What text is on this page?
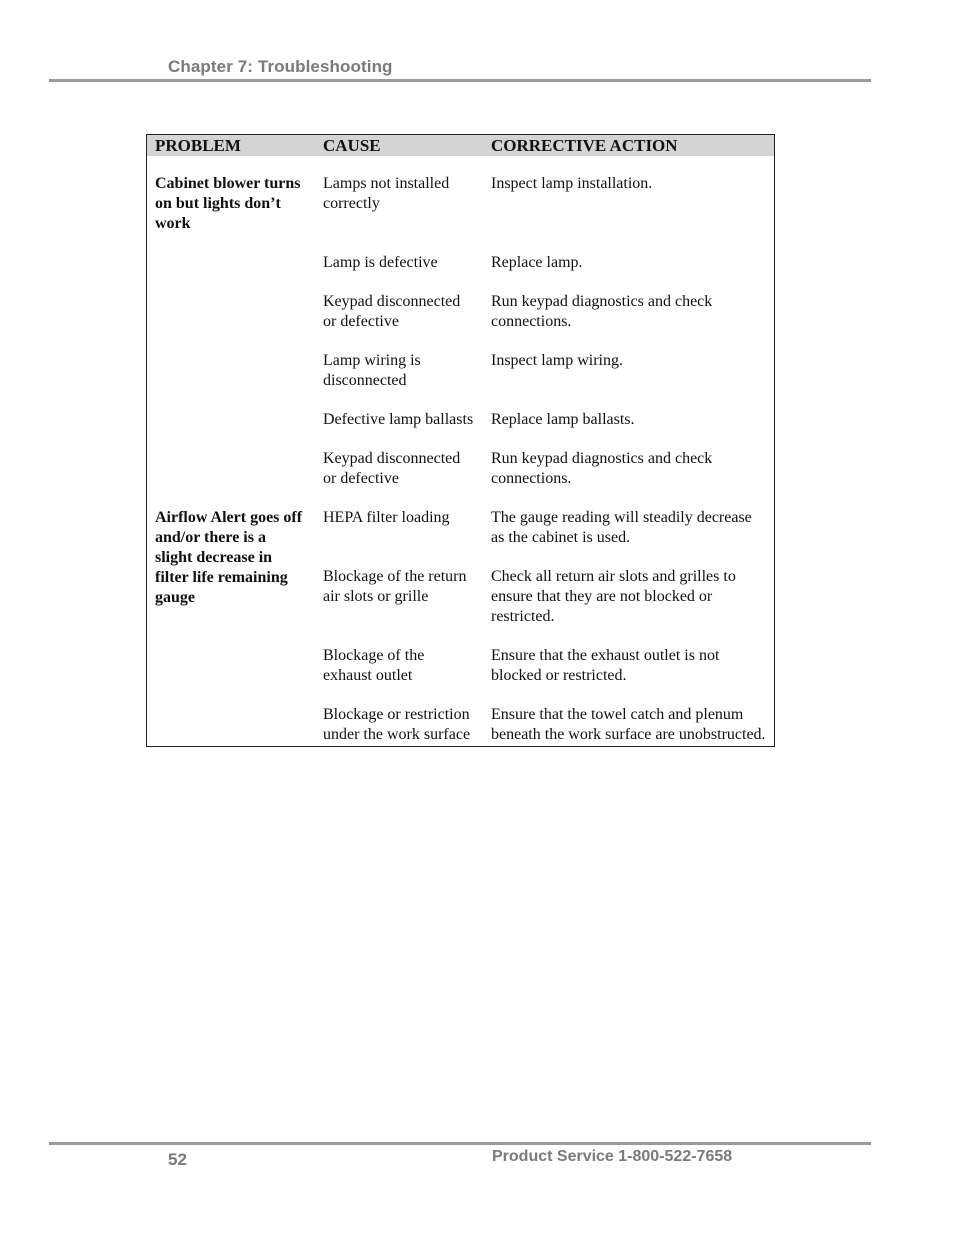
Chapter 7: Troubleshooting
PROBLEM	CAUSE	CORRECTIVE ACTION
Cabinet blower turns on but lights don’t work	Lamps not installed correctly	Inspect lamp installation.
	Lamp is defective	Replace lamp.
	Keypad disconnected or defective	Run keypad diagnostics and check connections.
	Lamp wiring is disconnected	Inspect lamp wiring.
	Defective lamp ballasts	Replace lamp ballasts.
	Keypad disconnected or defective	Run keypad diagnostics and check connections.
Airflow Alert goes off and/or there is a slight decrease in filter life remaining gauge	HEPA filter loading	The gauge reading will steadily decrease as the cabinet is used.
	Blockage of the return air slots or grille	Check all return air slots and grilles to ensure that they are not blocked or restricted.
	Blockage of the exhaust outlet	Ensure that the exhaust outlet is not blocked or restricted.
	Blockage or restriction under the work surface	Ensure that the towel catch and plenum beneath the work surface are unobstructed.
52	Product Service 1-800-522-7658
